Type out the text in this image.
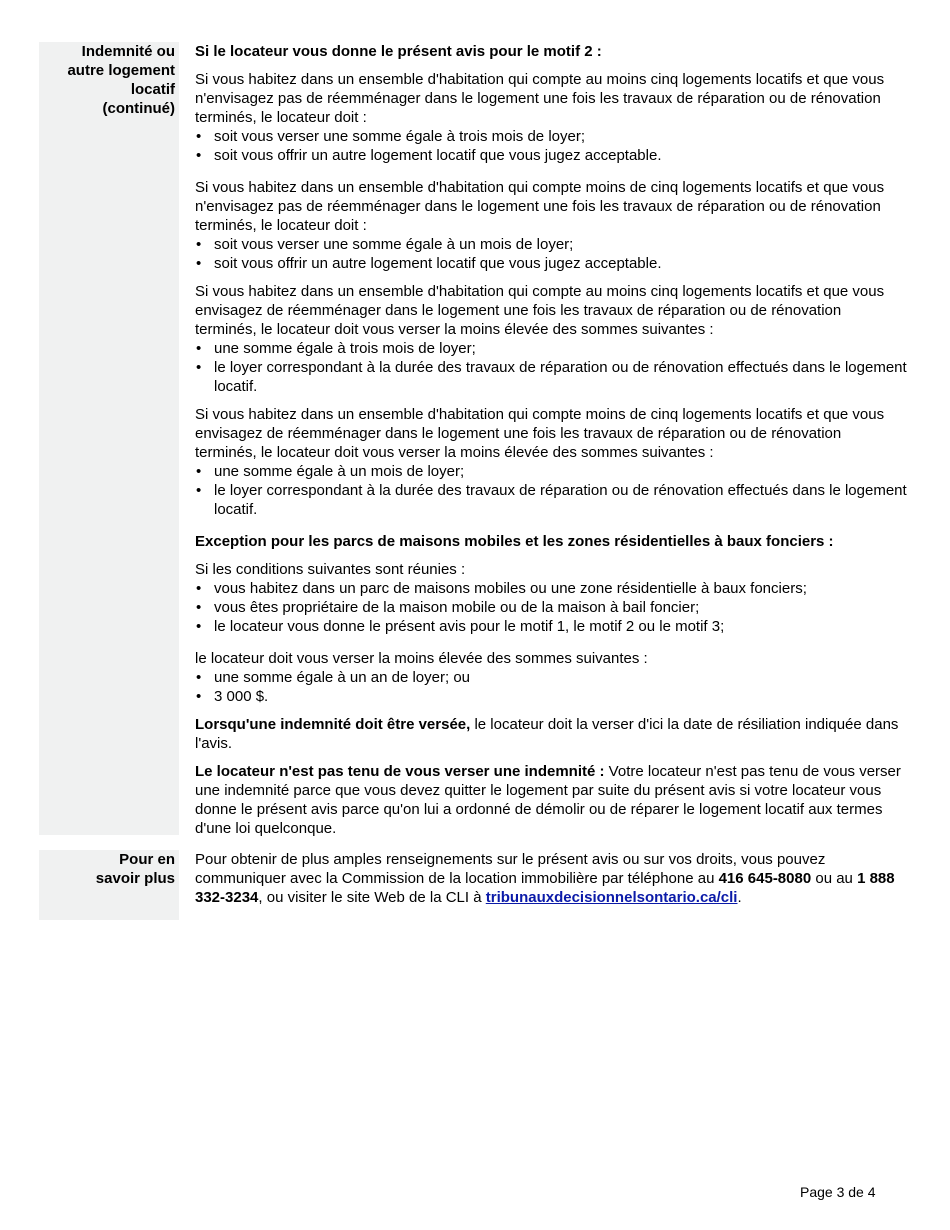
Indemnité ou
autre logement
locatif
(continué)

Si le locateur vous donne le présent avis pour le motif 2 :

Si vous habitez dans un ensemble d'habitation qui compte au moins cinq logements locatifs et que vous n'envisagez pas de réemménager dans le logement une fois les travaux de réparation ou de rénovation terminés, le locateur doit :

• soit vous verser une somme égale à trois mois de loyer;
• soit vous offrir un autre logement locatif que vous jugez acceptable.

Si vous habitez dans un ensemble d'habitation qui compte moins de cinq logements locatifs et que vous n'envisagez pas de réemménager dans le logement une fois les travaux de réparation ou de rénovation terminés, le locateur doit :

• soit vous verser une somme égale à un mois de loyer;
• soit vous offrir un autre logement locatif que vous jugez acceptable.

Si vous habitez dans un ensemble d'habitation qui compte au moins cinq logements locatifs et que vous envisagez de réemménager dans le logement une fois les travaux de réparation ou de rénovation terminés, le locateur doit vous verser la moins élevée des sommes suivantes :

• une somme égale à trois mois de loyer;
• le loyer correspondant à la durée des travaux de réparation ou de rénovation effectués dans le logement locatif.

Si vous habitez dans un ensemble d'habitation qui compte moins de cinq logements locatifs et que vous envisagez de réemménager dans le logement une fois les travaux de réparation ou de rénovation terminés, le locateur doit vous verser la moins élevée des sommes suivantes :

• une somme égale à un mois de loyer;
• le loyer correspondant à la durée des travaux de réparation ou de rénovation effectués dans le logement locatif.

Exception pour les parcs de maisons mobiles et les zones résidentielles à baux fonciers :

Si les conditions suivantes sont réunies :

• vous habitez dans un parc de maisons mobiles ou une zone résidentielle à baux fonciers;
• vous êtes propriétaire de la maison mobile ou de la maison à bail foncier;
• le locateur vous donne le présent avis pour le motif 1, le motif 2 ou le motif 3;

le locateur doit vous verser la moins élevée des sommes suivantes :

• une somme égale à un an de loyer; ou
• 3 000 $.

Lorsqu'une indemnité doit être versée, le locateur doit la verser d'ici la date de résiliation indiquée dans l'avis.

Le locateur n'est pas tenu de vous verser une indemnité : Votre locateur n'est pas tenu de vous verser une indemnité parce que vous devez quitter le logement par suite du présent avis si votre locateur vous donne le présent avis parce qu'on lui a ordonné de démolir ou de réparer le logement locatif aux termes d'une loi quelconque.

Pour en
savoir plus

Pour obtenir de plus amples renseignements sur le présent avis ou sur vos droits, vous pouvez communiquer avec la Commission de la location immobilière par téléphone au 416 645-8080 ou au 1 888 332-3234, ou visiter le site Web de la CLI à tribunauxdecisionnelsontario.ca/cli.

Page 3 de 4
